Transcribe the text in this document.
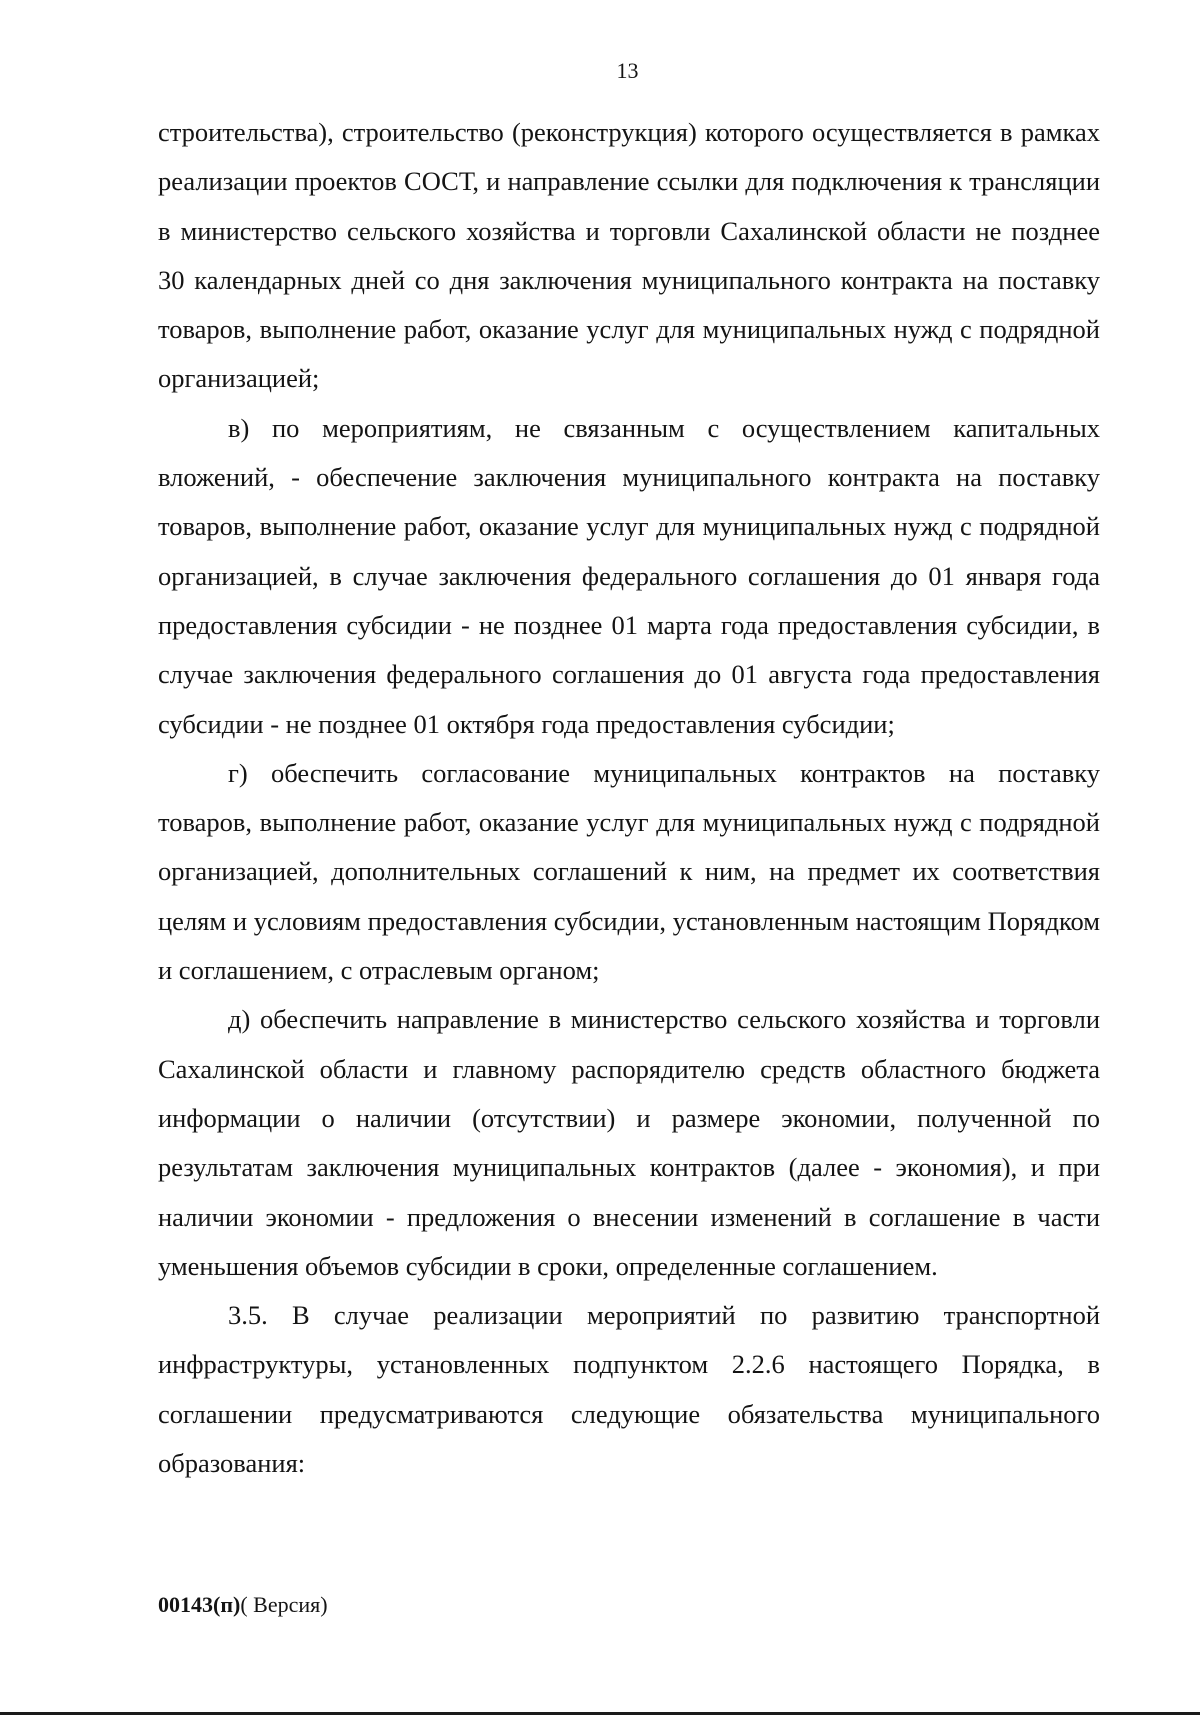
13

строительства), строительство (реконструкция) которого осуществляется в рамках реализации проектов СОСТ, и направление ссылки для подключения к трансляции в министерство сельского хозяйства и торговли Сахалинской области не позднее 30 календарных дней со дня заключения муниципального контракта на поставку товаров, выполнение работ, оказание услуг для муниципальных нужд с подрядной организацией;

в) по мероприятиям, не связанным с осуществлением капитальных вложений, - обеспечение заключения муниципального контракта на поставку товаров, выполнение работ, оказание услуг для муниципальных нужд с подрядной организацией, в случае заключения федерального соглашения до 01 января года предоставления субсидии - не позднее 01 марта года предоставления субсидии, в случае заключения федерального соглашения до 01 августа года предоставления субсидии - не позднее 01 октября года предоставления субсидии;

г) обеспечить согласование муниципальных контрактов на поставку товаров, выполнение работ, оказание услуг для муниципальных нужд с подрядной организацией, дополнительных соглашений к ним, на предмет их соответствия целям и условиям предоставления субсидии, установленным настоящим Порядком и соглашением, с отраслевым органом;

д) обеспечить направление в министерство сельского хозяйства и торговли Сахалинской области и главному распорядителю средств областного бюджета информации о наличии (отсутствии) и размере экономии, полученной по результатам заключения муниципальных контрактов (далее - экономия), и при наличии экономии - предложения о внесении изменений в соглашение в части уменьшения объемов субсидии в сроки, определенные соглашением.

3.5. В случае реализации мероприятий по развитию транспортной инфраструктуры, установленных подпунктом 2.2.6 настоящего Порядка, в соглашении предусматриваются следующие обязательства муниципального образования:

00143(п)( Версия)
